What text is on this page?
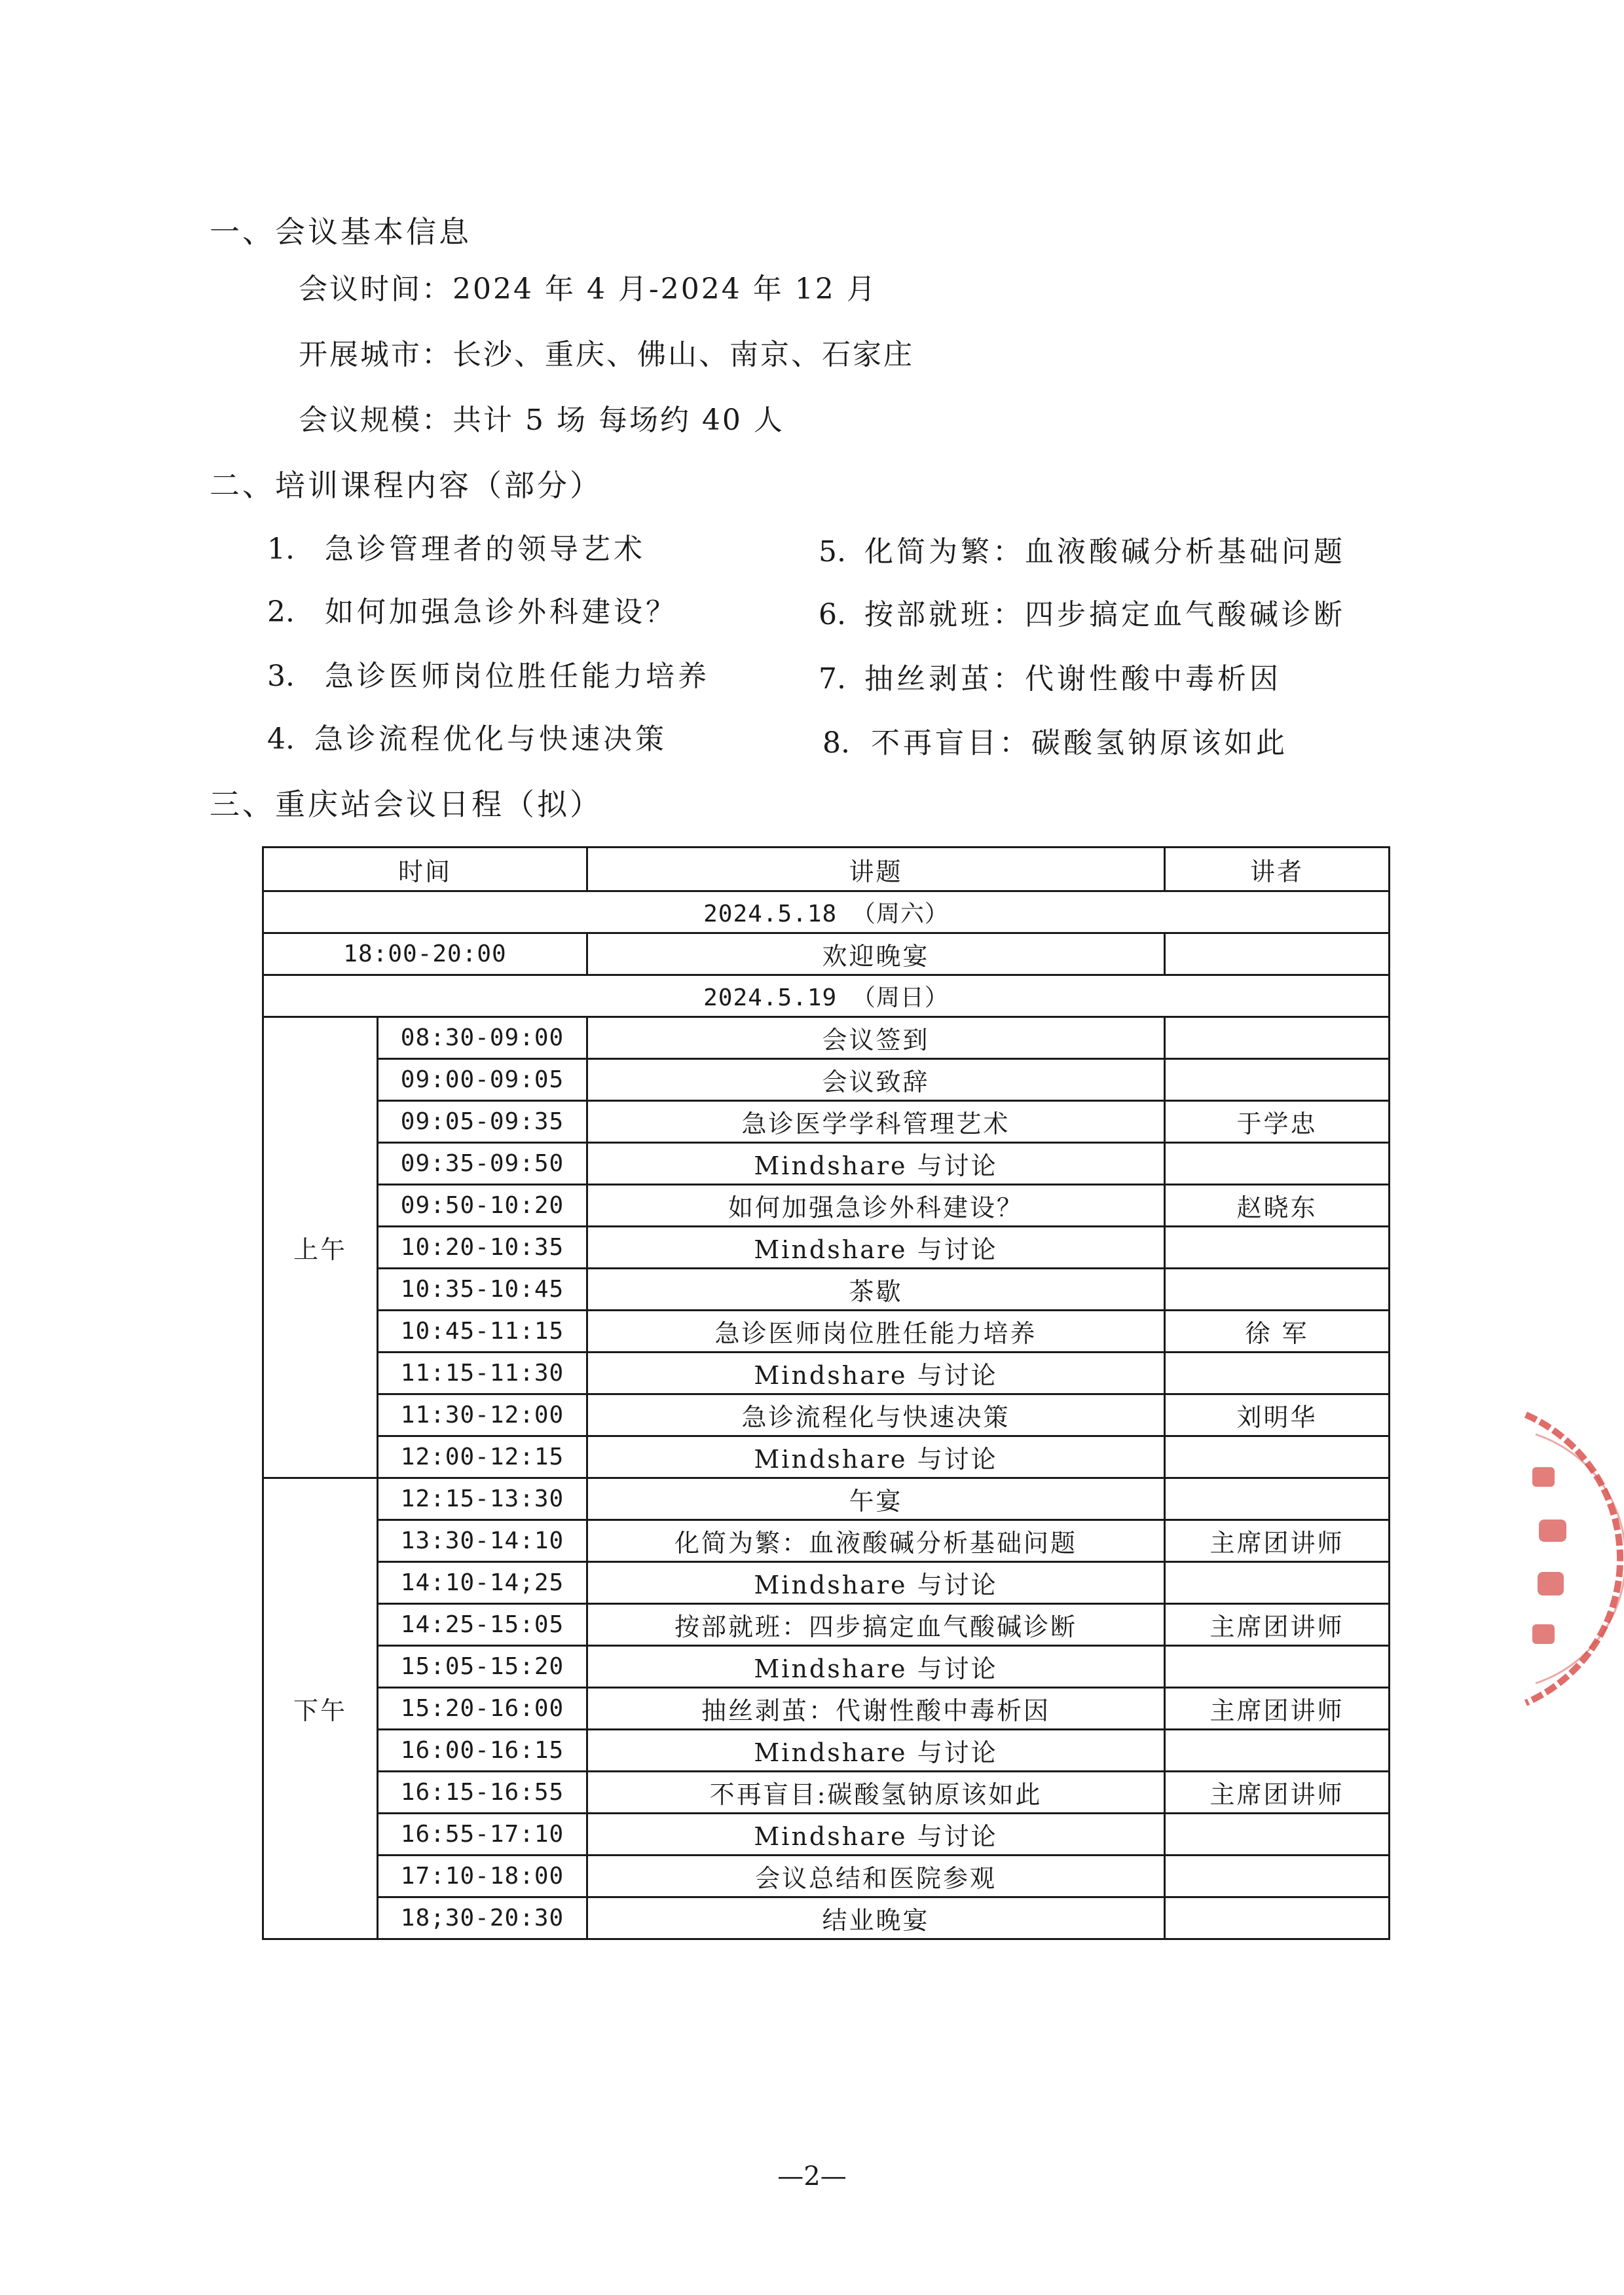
一、会议基本信息
会议时间：2024 年 4 月-2024 年 12 月
开展城市：长沙、重庆、佛山、南京、石家庄
会议规模：共计 5 场 每场约 40 人
二、培训课程内容（部分）
1. 急诊管理者的领导艺术
2. 如何加强急诊外科建设？
3. 急诊医师岗位胜任能力培养
4. 急诊流程优化与快速决策
5. 化简为繁：血液酸碱分析基础问题
6. 按部就班：四步搞定血气酸碱诊断
7. 抽丝剥茧：代谢性酸中毒析因
8. 不再盲目：碳酸氢钠原该如此
三、重庆站会议日程（拟）
时间		讲题	讲者
2024.5.18 （周六）			
18:00-20:00		欢迎晚宴	
2024.5.19 （周日）			
上午	08:30-09:00	会议签到	
	09:00-09:05	会议致辞	
	09:05-09:35	急诊医学学科管理艺术	于学忠
	09:35-09:50	Mindshare 与讨论	
	09:50-10:20	如何加强急诊外科建设？	赵晓东
	10:20-10:35	Mindshare 与讨论	
	10:35-10:45	茶歇	
	10:45-11:15	急诊医师岗位胜任能力培养	徐 军
	11:15-11:30	Mindshare 与讨论	
	11:30-12:00	急诊流程化与快速决策	刘明华
	12:00-12:15	Mindshare 与讨论	
下午	12:15-13:30	午宴	
	13:30-14:10	化简为繁：血液酸碱分析基础问题	主席团讲师
	14:10-14;25	Mindshare 与讨论	
	14:25-15:05	按部就班：四步搞定血气酸碱诊断	主席团讲师
	15:05-15:20	Mindshare 与讨论	
	15:20-16:00	抽丝剥茧：代谢性酸中毒析因	主席团讲师
	16:00-16:15	Mindshare 与讨论	
	16:15-16:55	不再盲目:碳酸氢钠原该如此	主席团讲师
	16:55-17:10	Mindshare 与讨论	
	17:10-18:00	会议总结和医院参观	
	18;30-20:30	结业晚宴	
—2—
